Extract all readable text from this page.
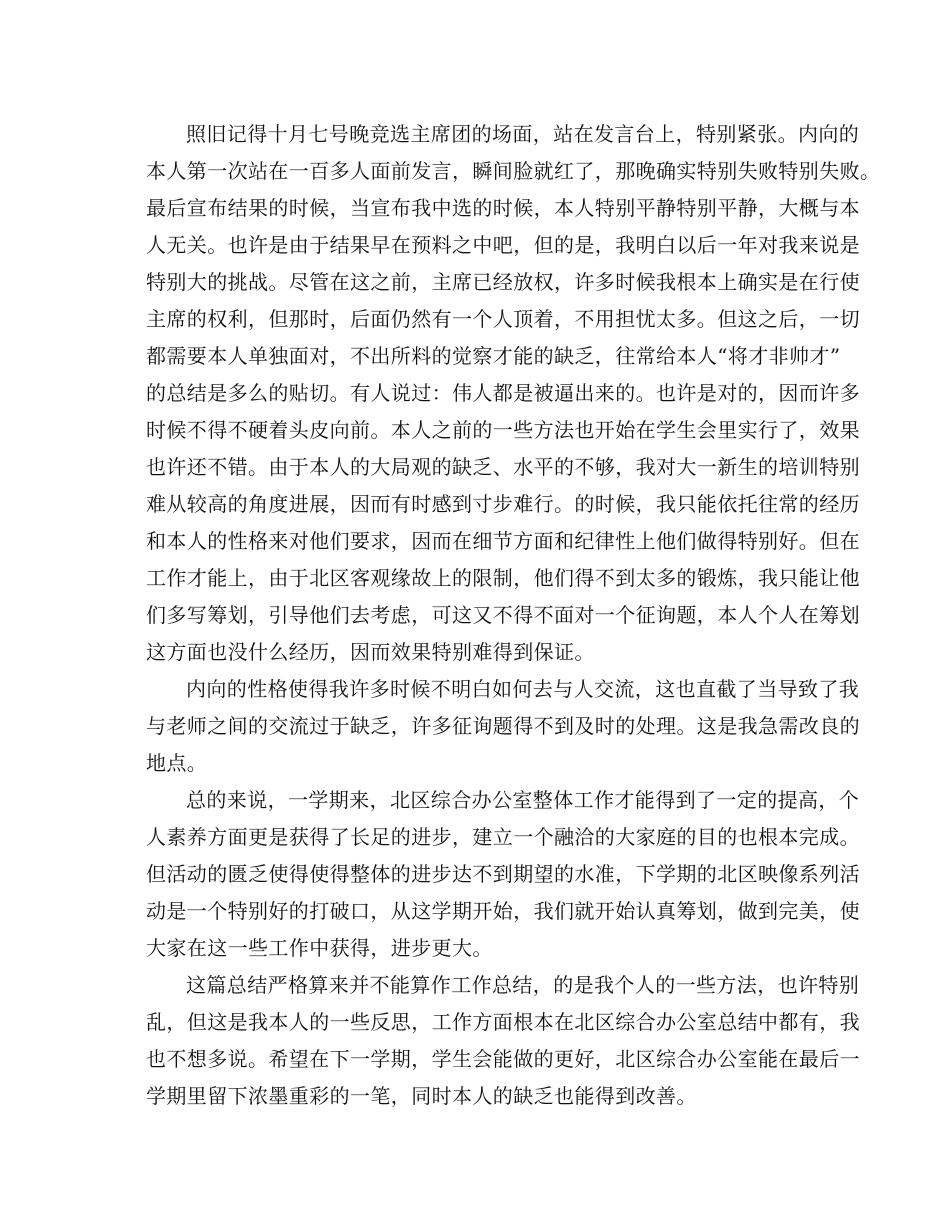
照旧记得十月七号晚竞选主席团的场面，站在发言台上，特别紧张。内向的
本人第一次站在一百多人面前发言，瞬间脸就红了，那晚确实特别失败特别失败。
最后宣布结果的时候，当宣布我中选的时候，本人特别平静特别平静，大概与本
人无关。也许是由于结果早在预料之中吧，但的是，我明白以后一年对我来说是
特别大的挑战。尽管在这之前，主席已经放权，许多时候我根本上确实是在行使
主席的权利，但那时，后面仍然有一个人顶着，不用担忧太多。但这之后，一切
都需要本人单独面对，不出所料的觉察才能的缺乏，往常给本人“将才非帅才”
的总结是多么的贴切。有人说过：伟人都是被逼出来的。也许是对的，因而许多
时候不得不硬着头皮向前。本人之前的一些方法也开始在学生会里实行了，效果
也许还不错。由于本人的大局观的缺乏、水平的不够，我对大一新生的培训特别
难从较高的角度进展，因而有时感到寸步难行。的时候，我只能依托往常的经历
和本人的性格来对他们要求，因而在细节方面和纪律性上他们做得特别好。但在
工作才能上，由于北区客观缘故上的限制，他们得不到太多的锻炼，我只能让他
们多写筹划，引导他们去考虑，可这又不得不面对一个征询题，本人个人在筹划
这方面也没什么经历，因而效果特别难得到保证。
内向的性格使得我许多时候不明白如何去与人交流，这也直截了当导致了我
与老师之间的交流过于缺乏，许多征询题得不到及时的处理。这是我急需改良的
地点。
总的来说，一学期来，北区综合办公室整体工作才能得到了一定的提高，个
人素养方面更是获得了长足的进步，建立一个融洽的大家庭的目的也根本完成。
但活动的匮乏使得使得整体的进步达不到期望的水准，下学期的北区映像系列活
动是一个特别好的打破口，从这学期开始，我们就开始认真筹划，做到完美，使
大家在这一些工作中获得，进步更大。
这篇总结严格算来并不能算作工作总结，的是我个人的一些方法，也许特别
乱，但这是我本人的一些反思，工作方面根本在北区综合办公室总结中都有，我
也不想多说。希望在下一学期，学生会能做的更好，北区综合办公室能在最后一
学期里留下浓墨重彩的一笔，同时本人的缺乏也能得到改善。
